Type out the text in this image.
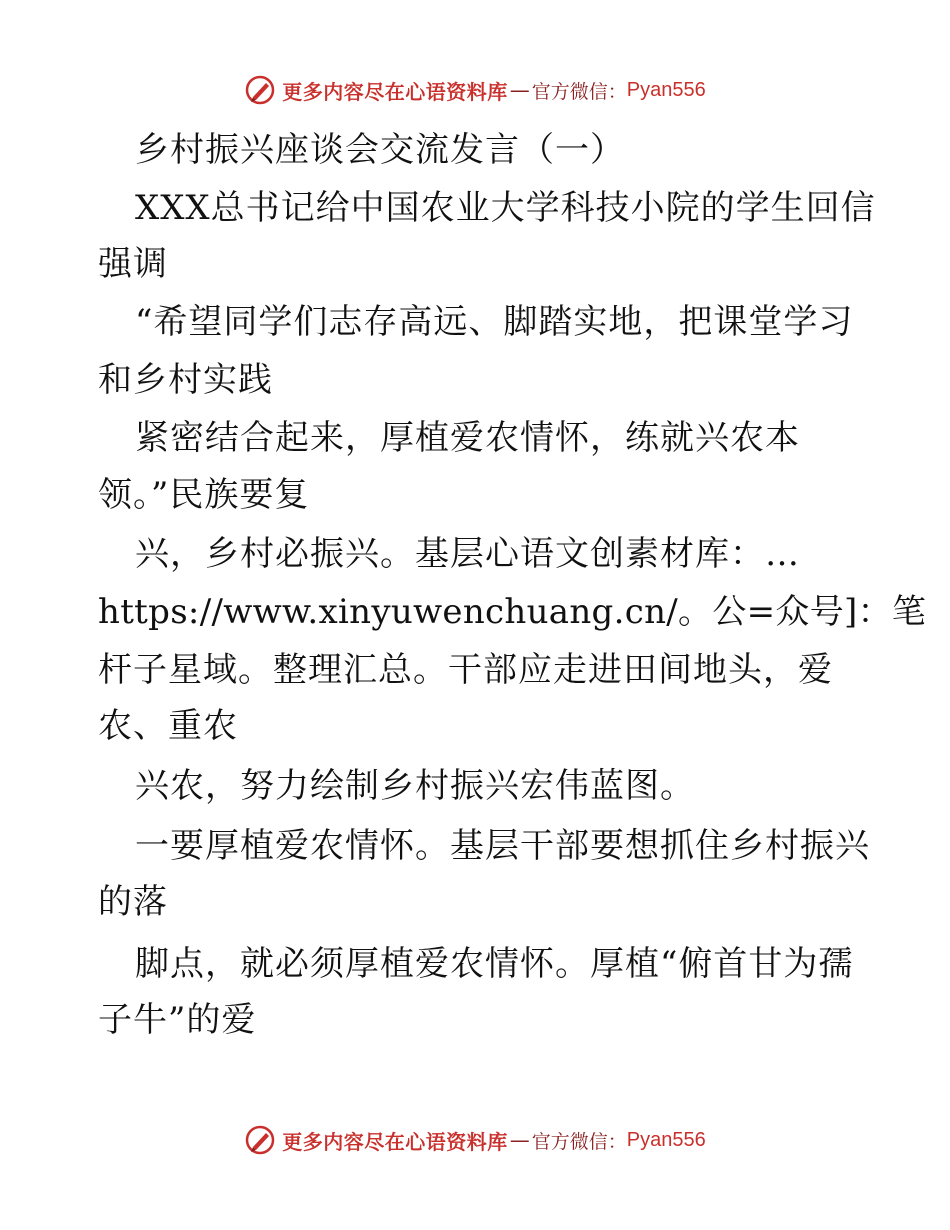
更多内容尽在心语资料库 — 官方微信： Pyan556
乡村振兴座谈会交流发言（一）
XXX总书记给中国农业大学科技小院的学生回信
强调
“希望同学们志存高远、脚踏实地，把课堂学习
和乡村实践
紧密结合起来，厚植爱农情怀，练就兴农本
领。”民族要复
兴，乡村必振兴。基层心语文创素材库：…
https://www.xinyuwenchuang.cn/。公=众号]：笔
杆子星域。整理汇总。干部应走进田间地头，爱
农、重农
兴农，努力绘制乡村振兴宏伟蓝图。
一要厚植爱农情怀。基层干部要想抓住乡村振兴
的落
脚点，就必须厚植爱农情怀。厚植“俯首甘为孺
子牛”的爱
更多内容尽在心语资料库 — 官方微信： Pyan556
